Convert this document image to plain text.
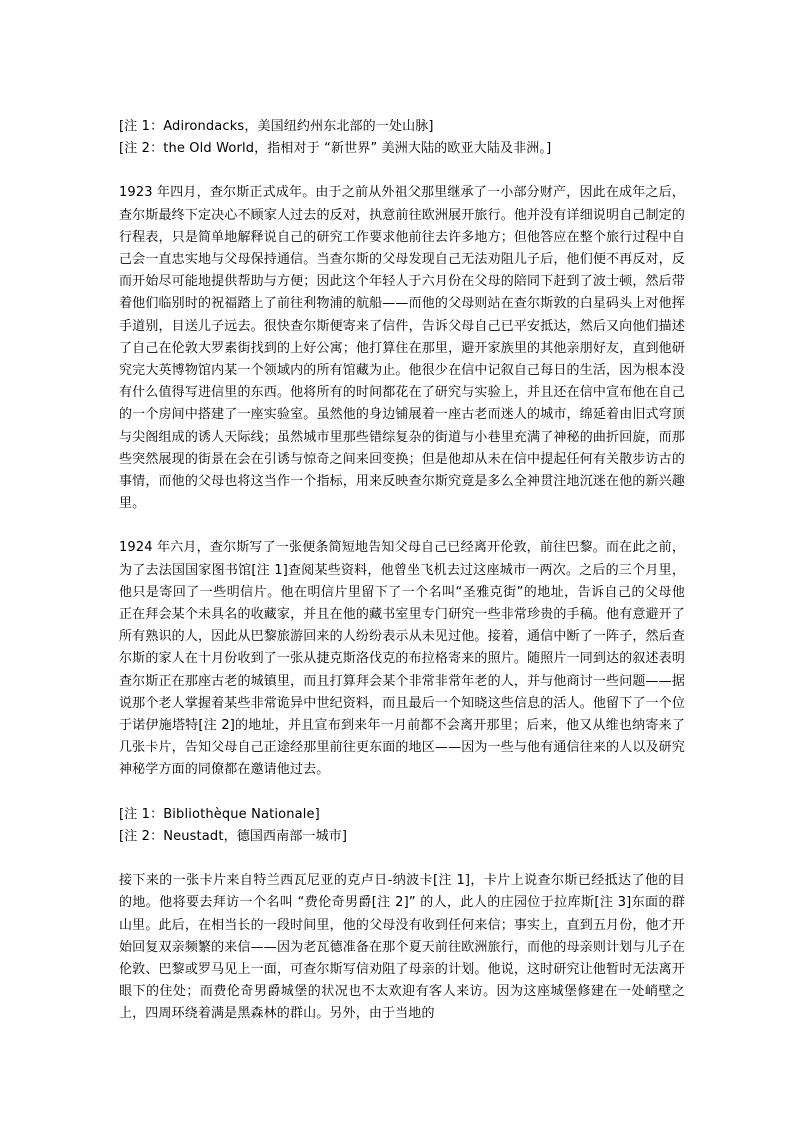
[注 1：Adirondacks，美国纽约州东北部的一处山脉]
[注 2：the Old World，指相对于 “新世界” 美洲大陆的欧亚大陆及非洲。]

1923 年四月，查尔斯正式成年。由于之前从外祖父那里继承了一小部分财产，因此在成年之后，查尔斯最终下定决心不顾家人过去的反对，执意前往欧洲展开旅行。他并没有详细说明自己制定的行程表，只是简单地解释说自己的研究工作要求他前往去许多地方；但他答应在整个旅行过程中自己会一直忠实地与父母保持通信。当查尔斯的父母发现自己无法劝阻儿子后，他们便不再反对，反而开始尽可能地提供帮助与方便；因此这个年轻人于六月份在父母的陪同下赶到了波士顿，然后带着他们临别时的祝福踏上了前往利物浦的航船——而他的父母则站在查尔斯敦的白星码头上对他挥手道别，目送儿子远去。很快查尔斯便寄来了信件，告诉父母自己已平安抵达，然后又向他们描述了自己在伦敦大罗素街找到的上好公寓；他打算住在那里，避开家族里的其他亲朋好友，直到他研究完大英博物馆内某一个领域内的所有馆藏为止。他很少在信中记叙自己每日的生活，因为根本没有什么值得写进信里的东西。他将所有的时间都花在了研究与实验上，并且还在信中宣布他在自己的一个房间中搭建了一座实验室。虽然他的身边铺展着一座古老而迷人的城市，绵延着由旧式穹顶与尖阁组成的诱人天际线；虽然城市里那些错综复杂的街道与小巷里充满了神秘的曲折回旋，而那些突然展现的街景在会在引诱与惊奇之间来回变换；但是他却从未在信中提起任何有关散步访古的事情，而他的父母也将这当作一个指标，用来反映查尔斯究竟是多么全神贯注地沉迷在他的新兴趣里。

1924 年六月，查尔斯写了一张便条简短地告知父母自己已经离开伦敦，前往巴黎。而在此之前，为了去法国国家图书馆[注 1]查阅某些资料，他曾坐飞机去过这座城市一两次。之后的三个月里，他只是寄回了一些明信片。他在明信片里留下了一个名叫“圣雅克街”的地址，告诉自己的父母他正在拜会某个未具名的收藏家，并且在他的藏书室里专门研究一些非常珍贵的手稿。他有意避开了所有熟识的人，因此从巴黎旅游回来的人纷纷表示从未见过他。接着，通信中断了一阵子，然后查尔斯的家人在十月份收到了一张从捷克斯洛伐克的布拉格寄来的照片。随照片一同到达的叙述表明查尔斯正在那座古老的城镇里，而且打算拜会某个非常非常年老的人，并与他商讨一些问题——据说那个老人掌握着某些非常诡异中世纪资料，而且最后一个知晓这些信息的活人。他留下了一个位于诺伊施塔特[注 2]的地址，并且宣布到来年一月前都不会离开那里；后来，他又从维也纳寄来了几张卡片，告知父母自己正途经那里前往更东面的地区——因为一些与他有通信往来的人以及研究神秘学方面的同僚都在邀请他过去。

[注 1：Bibliothèque Nationale]
[注 2：Neustadt，德国西南部一城市]

接下来的一张卡片来自特兰西瓦尼亚的克卢日-纳波卡[注 1]，卡片上说查尔斯已经抵达了他的目的地。他将要去拜访一个名叫 “费伦奇男爵[注 2]” 的人，此人的庄园位于拉库斯[注 3]东面的群山里。此后，在相当长的一段时间里，他的父母没有收到任何来信；事实上，直到五月份，他才开始回复双亲频繁的来信——因为老瓦德准备在那个夏天前往欧洲旅行，而他的母亲则计划与儿子在伦敦、巴黎或罗马见上一面，可查尔斯写信劝阻了母亲的计划。他说，这时研究让他暂时无法离开眼下的住处；而费伦奇男爵城堡的状况也不太欢迎有客人来访。因为这座城堡修建在一处峭壁之上，四周环绕着满是黑森林的群山。另外，由于当地的
